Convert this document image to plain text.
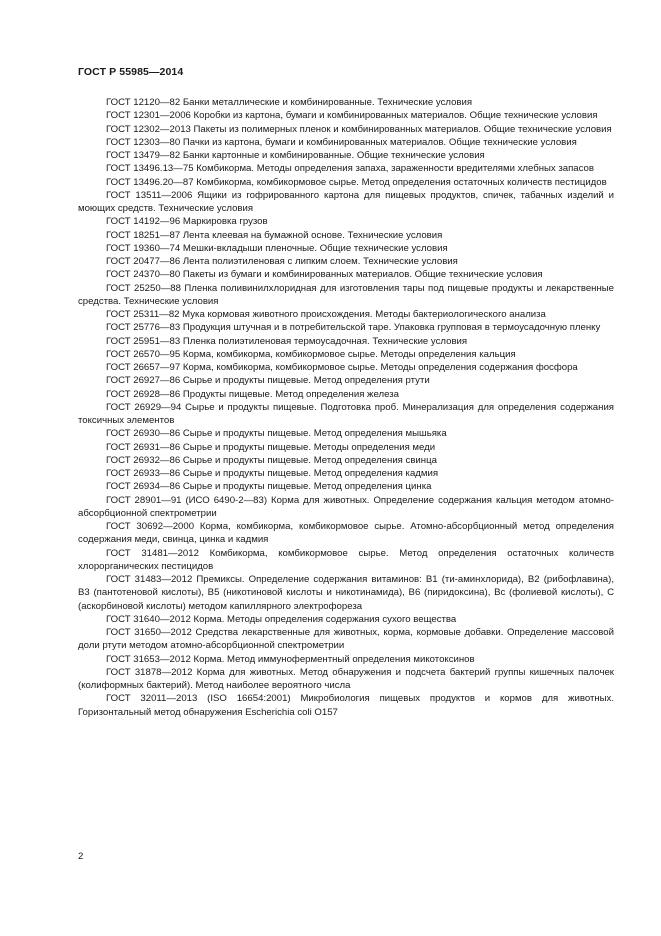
ГОСТ Р 55985—2014

ГОСТ 12120—82 Банки металлические и комбинированные. Технические условия

ГОСТ 12301—2006 Коробки из картона, бумаги и комбинированных материалов. Общие технические условия

ГОСТ 12302—2013 Пакеты из полимерных пленок и комбинированных материалов. Общие технические условия

ГОСТ 12303—80 Пачки из картона, бумаги и комбинированных материалов. Общие технические условия

ГОСТ 13479—82 Банки картонные и комбинированные. Общие технические условия

ГОСТ 13496.13—75 Комбикорма. Методы определения запаха, зараженности вредителями хлебных запасов

ГОСТ 13496.20—87 Комбикорма, комбикормовое сырье. Метод определения остаточных количеств пестицидов

ГОСТ 13511—2006 Ящики из гофрированного картона для пищевых продуктов, спичек, табачных изделий и моющих средств. Технические условия

ГОСТ 14192—96 Маркировка грузов

ГОСТ 18251—87 Лента клеевая на бумажной основе. Технические условия

ГОСТ 19360—74 Мешки-вкладыши пленочные. Общие технические условия

ГОСТ 20477—86 Лента полиэтиленовая с липким слоем. Технические условия

ГОСТ 24370—80 Пакеты из бумаги и комбинированных материалов. Общие технические условия

ГОСТ 25250—88 Пленка поливинилхлоридная для изготовления тары под пищевые продукты и лекарственные средства. Технические условия

ГОСТ 25311—82 Мука кормовая животного происхождения. Методы бактериологического анализа

ГОСТ 25776—83 Продукция штучная и в потребительской таре. Упаковка групповая в термоусадочную пленку

ГОСТ 25951—83 Пленка полиэтиленовая термоусадочная. Технические условия

ГОСТ 26570—95 Корма, комбикорма, комбикормовое сырье. Методы определения кальция

ГОСТ 26657—97 Корма, комбикорма, комбикормовое сырье. Методы определения содержания фосфора

ГОСТ 26927—86 Сырье и продукты пищевые. Метод определения ртути

ГОСТ 26928—86 Продукты пищевые. Метод определения железа

ГОСТ 26929—94 Сырье и продукты пищевые. Подготовка проб. Минерализация для определения содержания токсичных элементов

ГОСТ 26930—86 Сырье и продукты пищевые. Метод определения мышьяка

ГОСТ 26931—86 Сырье и продукты пищевые. Методы определения меди

ГОСТ 26932—86 Сырье и продукты пищевые. Метод определения свинца

ГОСТ 26933—86 Сырье и продукты пищевые. Метод определения кадмия

ГОСТ 26934—86 Сырье и продукты пищевые. Метод определения цинка

ГОСТ 28901—91 (ИСО 6490-2—83) Корма для животных. Определение содержания кальция методом атомно-абсорбционной спектрометрии

ГОСТ 30692—2000 Корма, комбикорма, комбикормовое сырье. Атомно-абсорбционный метод определения содержания меди, свинца, цинка и кадмия

ГОСТ 31481—2012 Комбикорма, комбикормовое сырье. Метод определения остаточных количеств хлорорганических пестицидов

ГОСТ 31483—2012 Премиксы. Определение содержания витаминов: B1 (ти-аминхлорида), B2 (рибофлавина), B3 (пантотеновой кислоты), B5 (никотиновой кислоты и никотинамида), B6 (пиридоксина), Bc (фолиевой кислоты), C (аскорбиновой кислоты) методом капиллярного электрофореза

ГОСТ 31640—2012 Корма. Методы определения содержания сухого вещества

ГОСТ 31650—2012 Средства лекарственные для животных, корма, кормовые добавки. Определение массовой доли ртути методом атомно-абсорбционной спектрометрии

ГОСТ 31653—2012 Корма. Метод иммуноферментный определения микотоксинов

ГОСТ 31878—2012 Корма для животных. Метод обнаружения и подсчета бактерий группы кишечных палочек (колиформных бактерий). Метод наиболее вероятного числа

ГОСТ 32011—2013 (ISO 16654:2001) Микробиология пищевых продуктов и кормов для животных. Горизонтальный метод обнаружения Escherichia coli O157

2
